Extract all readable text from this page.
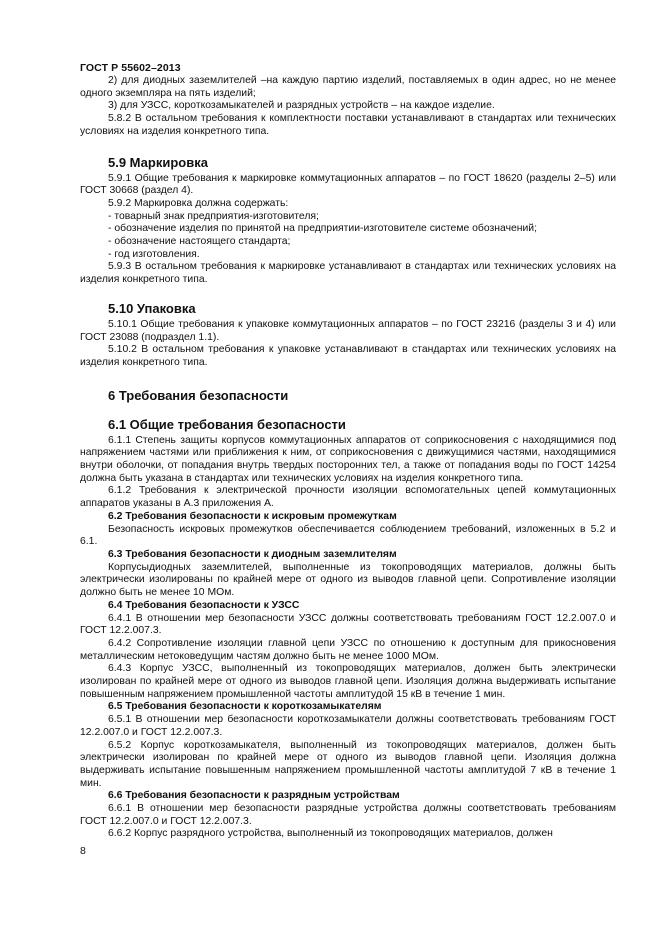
ГОСТ Р 55602–2013

2) для диодных заземлителей –на каждую партию изделий, поставляемых в один адрес, но не менее одного экземпляра на пять изделий;

3) для УЗСС, короткозамыкателей и разрядных устройств – на каждое изделие.

5.8.2 В остальном требования к комплектности поставки устанавливают в стандартах или технических условиях на изделия конкретного типа.

5.9 Маркировка

5.9.1 Общие требования к маркировке коммутационных аппаратов – по ГОСТ 18620 (разделы 2–5) или ГОСТ 30668 (раздел 4).

5.9.2 Маркировка должна содержать:

- товарный знак предприятия-изготовителя;

- обозначение изделия по принятой на предприятии-изготовителе системе обозначений;

- обозначение настоящего стандарта;

- год изготовления.

5.9.3 В остальном требования к маркировке устанавливают в стандартах или технических условиях на изделия конкретного типа.

5.10 Упаковка

5.10.1 Общие требования к упаковке коммутационных аппаратов – по ГОСТ 23216 (разделы 3 и 4) или ГОСТ 23088 (подраздел 1.1).

5.10.2 В остальном требования к упаковке устанавливают в стандартах или технических условиях на изделия конкретного типа.

6 Требования безопасности
6.1 Общие требования безопасности

6.1.1 Степень защиты корпусов коммутационных аппаратов от соприкосновения с находящимися под напряжением частями или приближения к ним, от соприкосновения с движущимися частями, находящимися внутри оболочки, от попадания внутрь твердых посторонних тел, а также от попадания воды по ГОСТ 14254 должна быть указана в стандартах или технических условиях на изделия конкретного типа.

6.1.2 Требования к электрической прочности изоляции вспомогательных цепей коммутационных аппаратов указаны в А.3 приложения А.

6.2 Требования безопасности к искровым промежуткам

Безопасность искровых промежутков обеспечивается соблюдением требований, изложенных в 5.2 и 6.1.

6.3 Требования безопасности к диодным заземлителям

Корпусыдиодных заземлителей, выполненные из токопроводящих материалов, должны быть электрически изолированы по крайней мере от одного из выводов главной цепи. Сопротивление изоляции должно быть не менее 10 МОм.

6.4 Требования безопасности к УЗСС

6.4.1 В отношении мер безопасности УЗСС должны соответствовать требованиям ГОСТ 12.2.007.0 и ГОСТ 12.2.007.3.

6.4.2 Сопротивление изоляции главной цепи УЗСС по отношению к доступным для прикосновения металлическим нетоковедущим частям должно быть не менее 1000 МОм.

6.4.3 Корпус УЗСС, выполненный из токопроводящих материалов, должен быть электрически изолирован по крайней мере от одного из выводов главной цепи. Изоляция должна выдерживать испытание повышенным напряжением промышленной частоты амплитудой 15 кВ в течение 1 мин.

6.5 Требования безопасности к короткозамыкателям

6.5.1 В отношении мер безопасности короткозамыкатели должны соответствовать требованиям ГОСТ 12.2.007.0 и ГОСТ 12.2.007.3.

6.5.2 Корпус короткозамыкателя, выполненный из токопроводящих материалов, должен быть электрически изолирован по крайней мере от одного из выводов главной цепи. Изоляция должна выдерживать испытание повышенным напряжением промышленной частоты амплитудой 7 кВ в течение 1 мин.

6.6 Требования безопасности к разрядным устройствам

6.6.1 В отношении мер безопасности разрядные устройства должны соответствовать требованиям ГОСТ 12.2.007.0 и ГОСТ 12.2.007.3.

6.6.2 Корпус разрядного устройства, выполненный из токопроводящих материалов, должен

8
